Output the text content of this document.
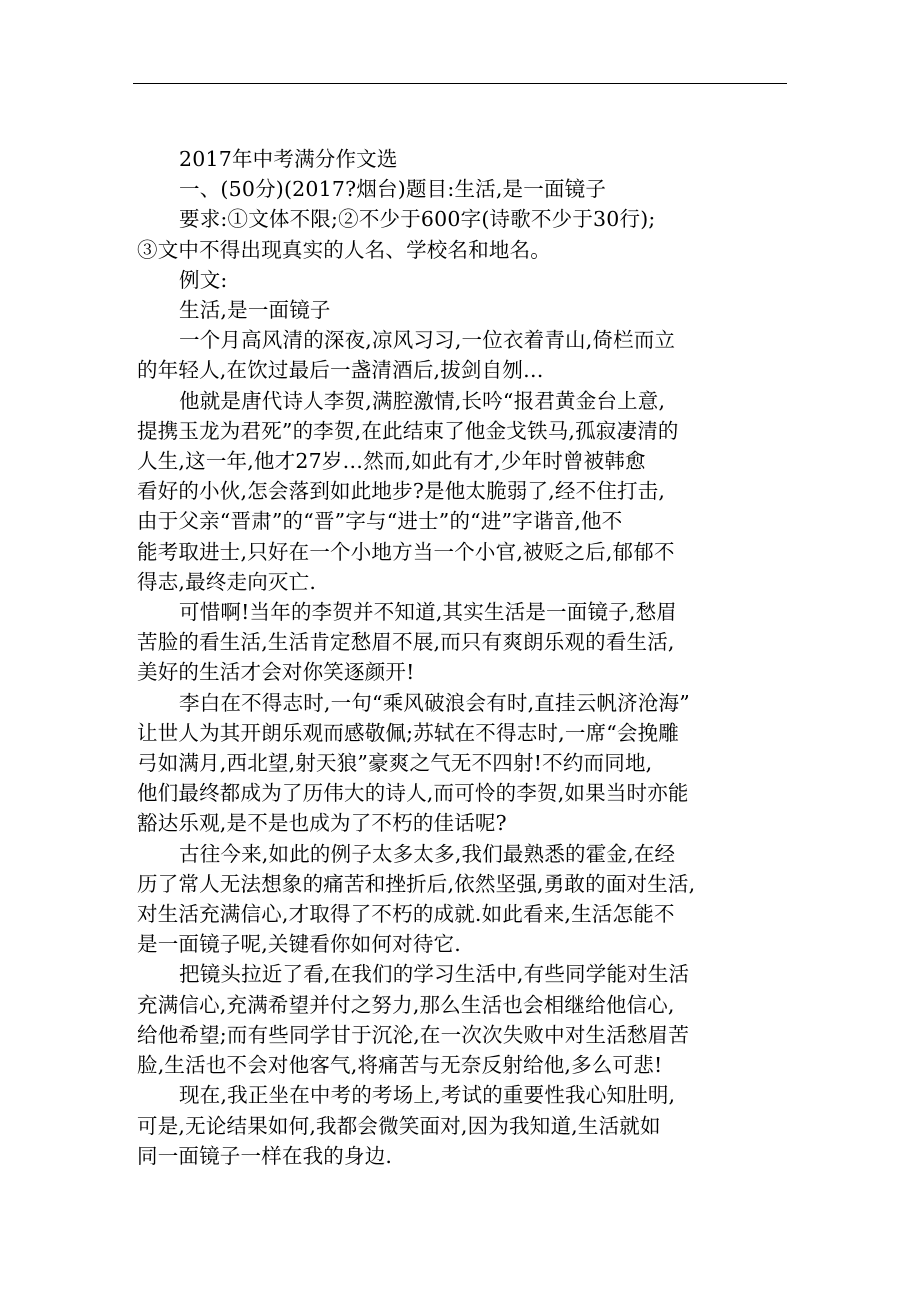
2017年中考满分作文选
一、(50分)(2017?烟台)题目:生活,是一面镜子
要求:①文体不限;②不少于600字(诗歌不少于30行);
③文中不得出现真实的人名、学校名和地名。
例文:
生活,是一面镜子
一个月高风清的深夜,凉风习习,一位衣着青山,倚栏而立
的年轻人,在饮过最后一盏清酒后,拔剑自刎…
他就是唐代诗人李贺,满腔激情,长吟“报君黄金台上意,
提携玉龙为君死”的李贺,在此结束了他金戈铁马,孤寂凄清的
人生,这一年,他才27岁…然而,如此有才,少年时曾被韩愈
看好的小伙,怎会落到如此地步?是他太脆弱了,经不住打击,
由于父亲“晋肃”的“晋”字与“进士”的“进”字谐音,他不
能考取进士,只好在一个小地方当一个小官,被贬之后,郁郁不
得志,最终走向灭亡.
可惜啊!当年的李贺并不知道,其实生活是一面镜子,愁眉
苦脸的看生活,生活肯定愁眉不展,而只有爽朗乐观的看生活,
美好的生活才会对你笑逐颜开!
李白在不得志时,一句“乘风破浪会有时,直挂云帆济沧海”
让世人为其开朗乐观而感敬佩;苏轼在不得志时,一席“会挽雕
弓如满月,西北望,射天狼”豪爽之气无不四射!不约而同地,
他们最终都成为了历伟大的诗人,而可怜的李贺,如果当时亦能
豁达乐观,是不是也成为了不朽的佳话呢?
古往今来,如此的例子太多太多,我们最熟悉的霍金,在经
历了常人无法想象的痛苦和挫折后,依然坚强,勇敢的面对生活,
对生活充满信心,才取得了不朽的成就.如此看来,生活怎能不
是一面镜子呢,关键看你如何对待它.
把镜头拉近了看,在我们的学习生活中,有些同学能对生活
充满信心,充满希望并付之努力,那么生活也会相继给他信心,
给他希望;而有些同学甘于沉沦,在一次次失败中对生活愁眉苦
脸,生活也不会对他客气,将痛苦与无奈反射给他,多么可悲!
现在,我正坐在中考的考场上,考试的重要性我心知肚明,
可是,无论结果如何,我都会微笑面对,因为我知道,生活就如
同一面镜子一样在我的身边.
